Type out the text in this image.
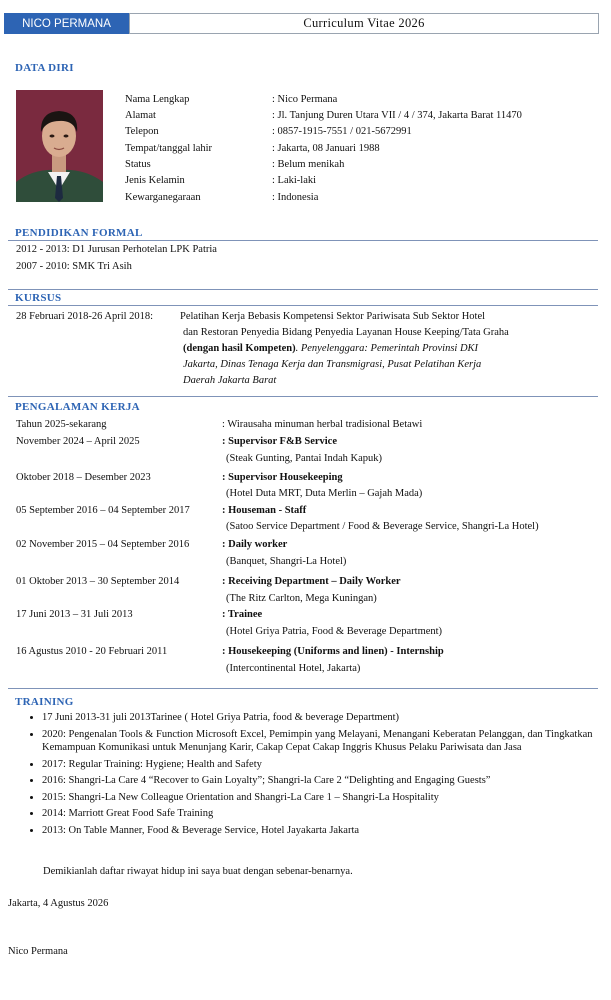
NICO PERMANA	Curriculum Vitae 2026
DATA DIRI
Nama Lengkap	: Nico Permana
Alamat	: Jl. Tanjung Duren Utara VII / 4 / 374, Jakarta Barat 11470
Telepon	: 0857-1915-7551 / 021-5672991
Tempat/tanggal lahir	: Jakarta, 08 Januari 1988
Status	: Belum menikah
Jenis Kelamin	: Laki-laki
Kewarganegaraan	: Indonesia
PENDIDIKAN FORMAL
2012 - 2013: D1 Jurusan Perhotelan LPK Patria
2007 - 2010: SMK Tri Asih
KURSUS
28 Februari 2018-26 April 2018:	Pelatihan Kerja Bebasis Kompetensi Sektor Pariwisata Sub Sektor Hotel
dan Restoran Penyedia Bidang Penyedia Layanan House Keeping/Tata Graha
(dengan hasil Kompeten). Penyelenggara: Pemerintah Provinsi DKI
Jakarta, Dinas Tenaga Kerja dan Transmigrasi, Pusat Pelatihan Kerja
Daerah Jakarta Barat
PENGALAMAN KERJA
Tahun 2025-sekarang	: Wirausaha minuman herbal tradisional Betawi
November 2024 – April 2025	: Supervisor F&B Service
(Steak Gunting, Pantai Indah Kapuk)
Oktober 2018 – Desember 2023	: Supervisor Housekeeping
(Hotel Duta MRT, Duta Merlin – Gajah Mada)
05 September 2016 – 04 September 2017	: Houseman - Staff
(Satoo Service Department / Food & Beverage Service, Shangri-La Hotel)
02 November 2015 – 04 September 2016	: Daily worker
(Banquet, Shangri-La Hotel)
01 Oktober 2013 – 30 September 2014	: Receiving Department – Daily Worker
(The Ritz Carlton, Mega Kuningan)
17 Juni 2013 – 31 Juli 2013	: Trainee
(Hotel Griya Patria, Food & Beverage Department)
16 Agustus 2010 - 20 Februari 2011	: Housekeeping (Uniforms and linen) - Internship
(Intercontinental Hotel, Jakarta)
TRAINING
• 17 Juni 2013-31 juli 2013Tarinee ( Hotel Griya Patria, food & beverage Department)
• 2020: Pengenalan Tools & Function Microsoft Excel, Pemimpin yang Melayani, Menangani Keberatan Pelanggan, dan Tingkatkan Kemampuan Komunikasi untuk Menunjang Karir, Cakap Cepat Cakap Inggris Khusus Pelaku Pariwisata dan Jasa
• 2017: Regular Training: Hygiene; Health and Safety
• 2016: Shangri-La Care 4 “Recover to Gain Loyalty”; Shangri-la Care 2 “Delighting and Engaging Guests”
• 2015: Shangri-La New Colleague Orientation and Shangri-La Care 1 – Shangri-La Hospitality
• 2014: Marriott Great Food Safe Training
• 2013: On Table Manner, Food & Beverage Service, Hotel Jayakarta Jakarta
Demikianlah daftar riwayat hidup ini saya buat dengan sebenar-benarnya.
Jakarta, 4 Agustus 2026
Nico Permana
